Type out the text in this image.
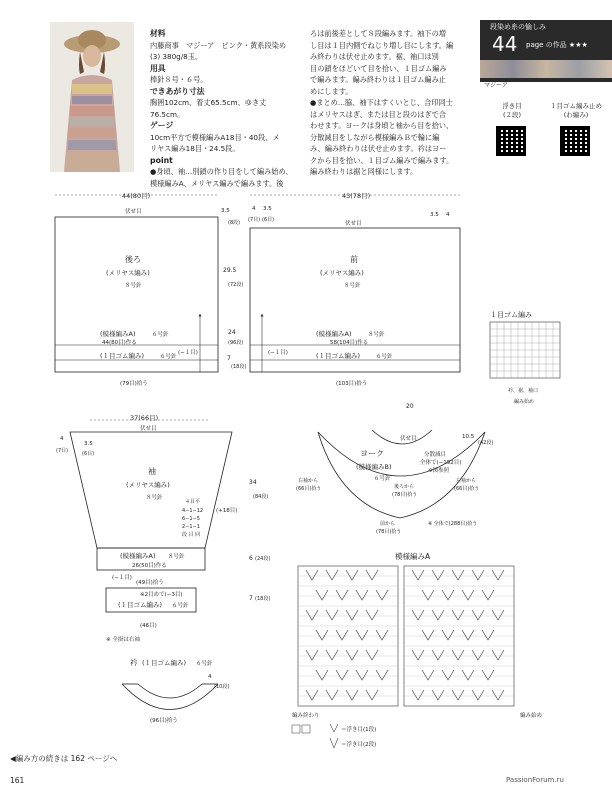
材料
内藤商事　マジーア　ピンク・黄系段染め
(3) 380g/8玉。
用具
棒針８号・６号。
できあがり寸法
胸囲102cm、着丈65.5cm、ゆき丈76.5cm。
ゲージ
10cm平方で模様編みA18目・40段、メ
リヤス編み18目・24.5段。
point
●身頃、袖…別鎖の作り目をして編み始め、
模様編みA、メリヤス編みで編みます。後
ろは前後差として８段編みます。袖下の増
し目は１目内側でねじり増し目にします。編
み終わりは伏せ止めます。裾、袖口は別
目の鎖をほどいて目を拾い、１目ゴム編み
で編みます。編み終わりは１目ゴム編み止
めにします。
●まとめ…脇、袖下はすくいとじ、合印同士
はメリヤスはぎ、または目と段のはぎで合
わせます。ヨークは身頃と袖から目を拾い、
分散減目をしながら模様編みＢで輪に編
み、編み終わりは伏せ止めます。衿はヨー
クから目を拾い、１目ゴム編みで編みます。
編み終わりは裾と同様にします。
段染め糸の愉しみ
44 page の作品 ★★★
マジーア
浮き目
(２段)
１目ゴム編み止め
(わ編み)
44(80目)
伏せ目
後ろ
(メリヤス編み)
８号針
(模様編みA)	６号針
44(80目)作る
(１目ゴム編み)	６号針
(79目)拾う
3.5
(8段)
29.5
(72段)
24
(96段)
7
(18段)
(−１目)
43(78目)
4
(7目)
3.5
(6目)
3.5 4
伏せ目
前
(メリヤス編み)
８号針
(模様編みA)	８号針
58(104目)作る
(１目ゴム編み)	６号針
(103目)拾う
(−１目)
１目ゴム編み
衿、裾、袖口
編み始め
37(66目)
伏せ目
4
(7目)
3.5
(6目)
袖
(メリヤス編み)
８号針
４目平
4−1−12
6−1−5
2−1−1
段 目 回
(+18目)
34
(84段)
6 (24段)
7 (18段)
(模様編みA) ８号針
26(50目)作る
(−１目)
(49目)拾う
※2目めで(−3目)
(１目ゴム編み) ６号針
(46目)
※ 全掛は右袖
20
伏せ目	10.5
(42段)
ヨーク
(模様編みB)
６号針
分散減目
全体で(−192目)
※図参照
右袖から
(66目)拾う
左袖から
(66目)拾う
後ろから
(78目)拾う
前から
(78目)拾う
※ 全体で(288目)拾う
衿 (１目ゴム編み) ６号針
4
(10段)
(96目)拾う
模様編みA
編み終わり	編み始め
＝浮き目(1段)
＝浮き目(2段)
◀編み方の続きは 162 ページへ
161	PassionForum.ru
